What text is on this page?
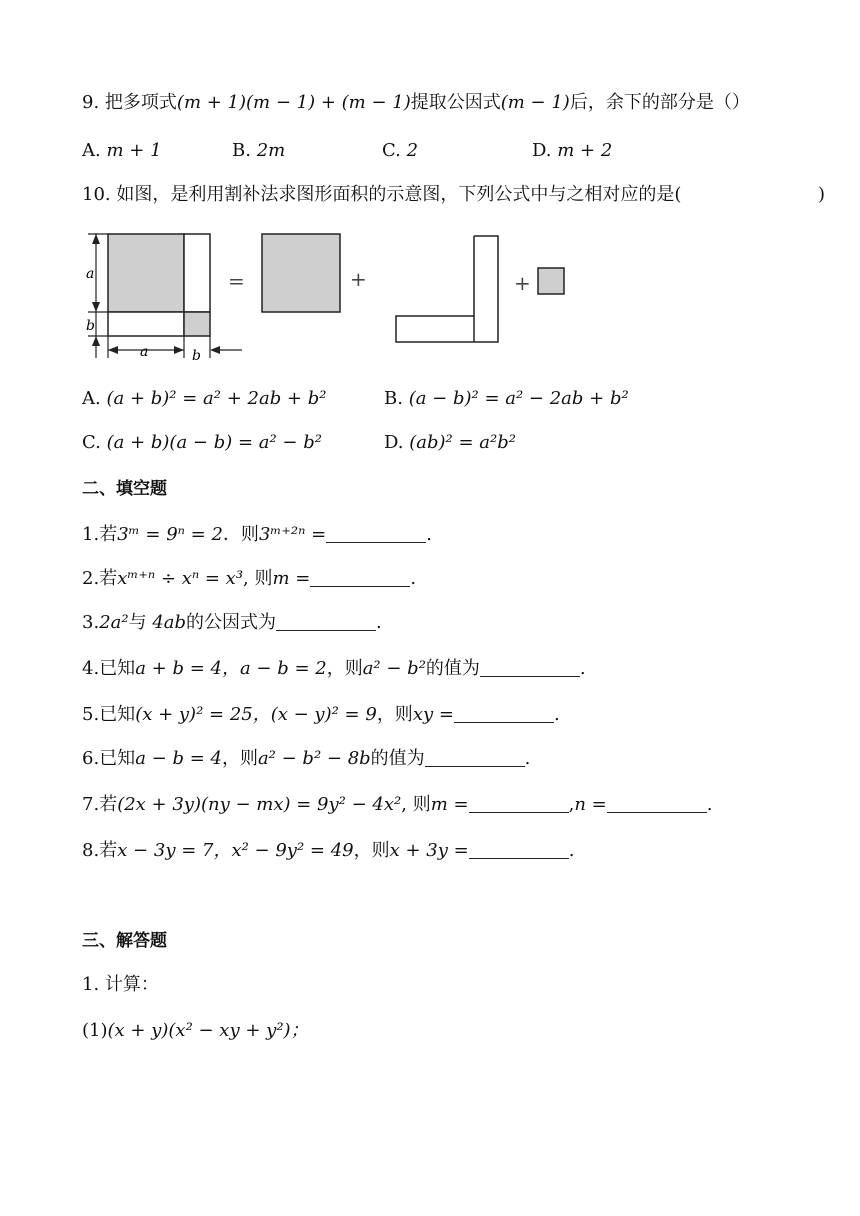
9. 把多项式(m + 1)(m − 1) + (m − 1)提取公因式(m − 1)后，余下的部分是（）
A. m + 1	B. 2m	C. 2	D. m + 2
10. 如图，是利用割补法求图形面积的示意图，下列公式中与之相对应的是(	)
a
b
a	b
=	+	+
A. (a + b)² = a² + 2ab + b²	B. (a − b)² = a² − 2ab + b²
C. (a + b)(a − b) = a² − b²	D. (ab)² = a²b²
二、填空题
1.若3ᵐ = 9ⁿ = 2．则3ᵐ⁺²ⁿ =	.
2.若xᵐ⁺ⁿ ÷ xⁿ = x³, 则m =	.
3.2a²与 4ab的公因式为	.
4.已知a + b = 4，a − b = 2，则a² − b²的值为	.
5.已知(x + y)² = 25，(x − y)² = 9，则xy =	.
6.已知a − b = 4，则a² − b² − 8b的值为	.
7.若(2x + 3y)(ny − mx) = 9y² − 4x², 则m =	,n =	.
8.若x − 3y = 7，x² − 9y² = 49，则x + 3y =	.
三、解答题
1. 计算：
(1)(x + y)(x² − xy + y²)；
